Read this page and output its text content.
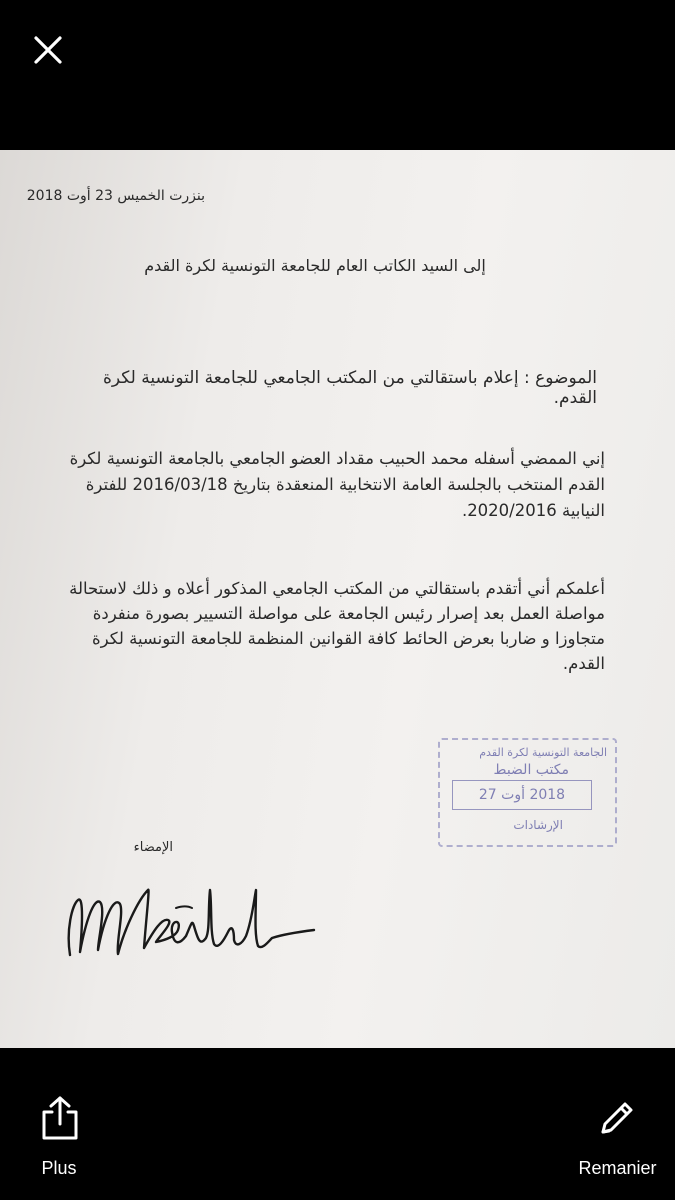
بنزرت الخميس 23 أوت 2018
إلى السيد الكاتب العام للجامعة التونسية لكرة القدم
الموضوع : إعلام باستقالتي من المكتب الجامعي للجامعة التونسية لكرة القدم.
إني الممضي أسفله محمد الحبيب مقداد العضو الجامعي بالجامعة التونسية لكرة القدم المنتخب بالجلسة العامة الانتخابية المنعقدة بتاريخ 2016/03/18 للفترة النيابية 2020/2016.
أعلمكم أني أتقدم باستقالتي من المكتب الجامعي المذكور أعلاه و ذلك لاستحالة مواصلة العمل بعد إصرار رئيس الجامعة على مواصلة التسيير بصورة منفردة متجاوزا و ضاربا بعرض الحائط كافة القوانين المنظمة للجامعة التونسية لكرة القدم.
الجامعة التونسية لكرة القدم
مكتب الضبط
2018 أوت 27
الإرشادات
الإمضاء
Plus	Remanier
